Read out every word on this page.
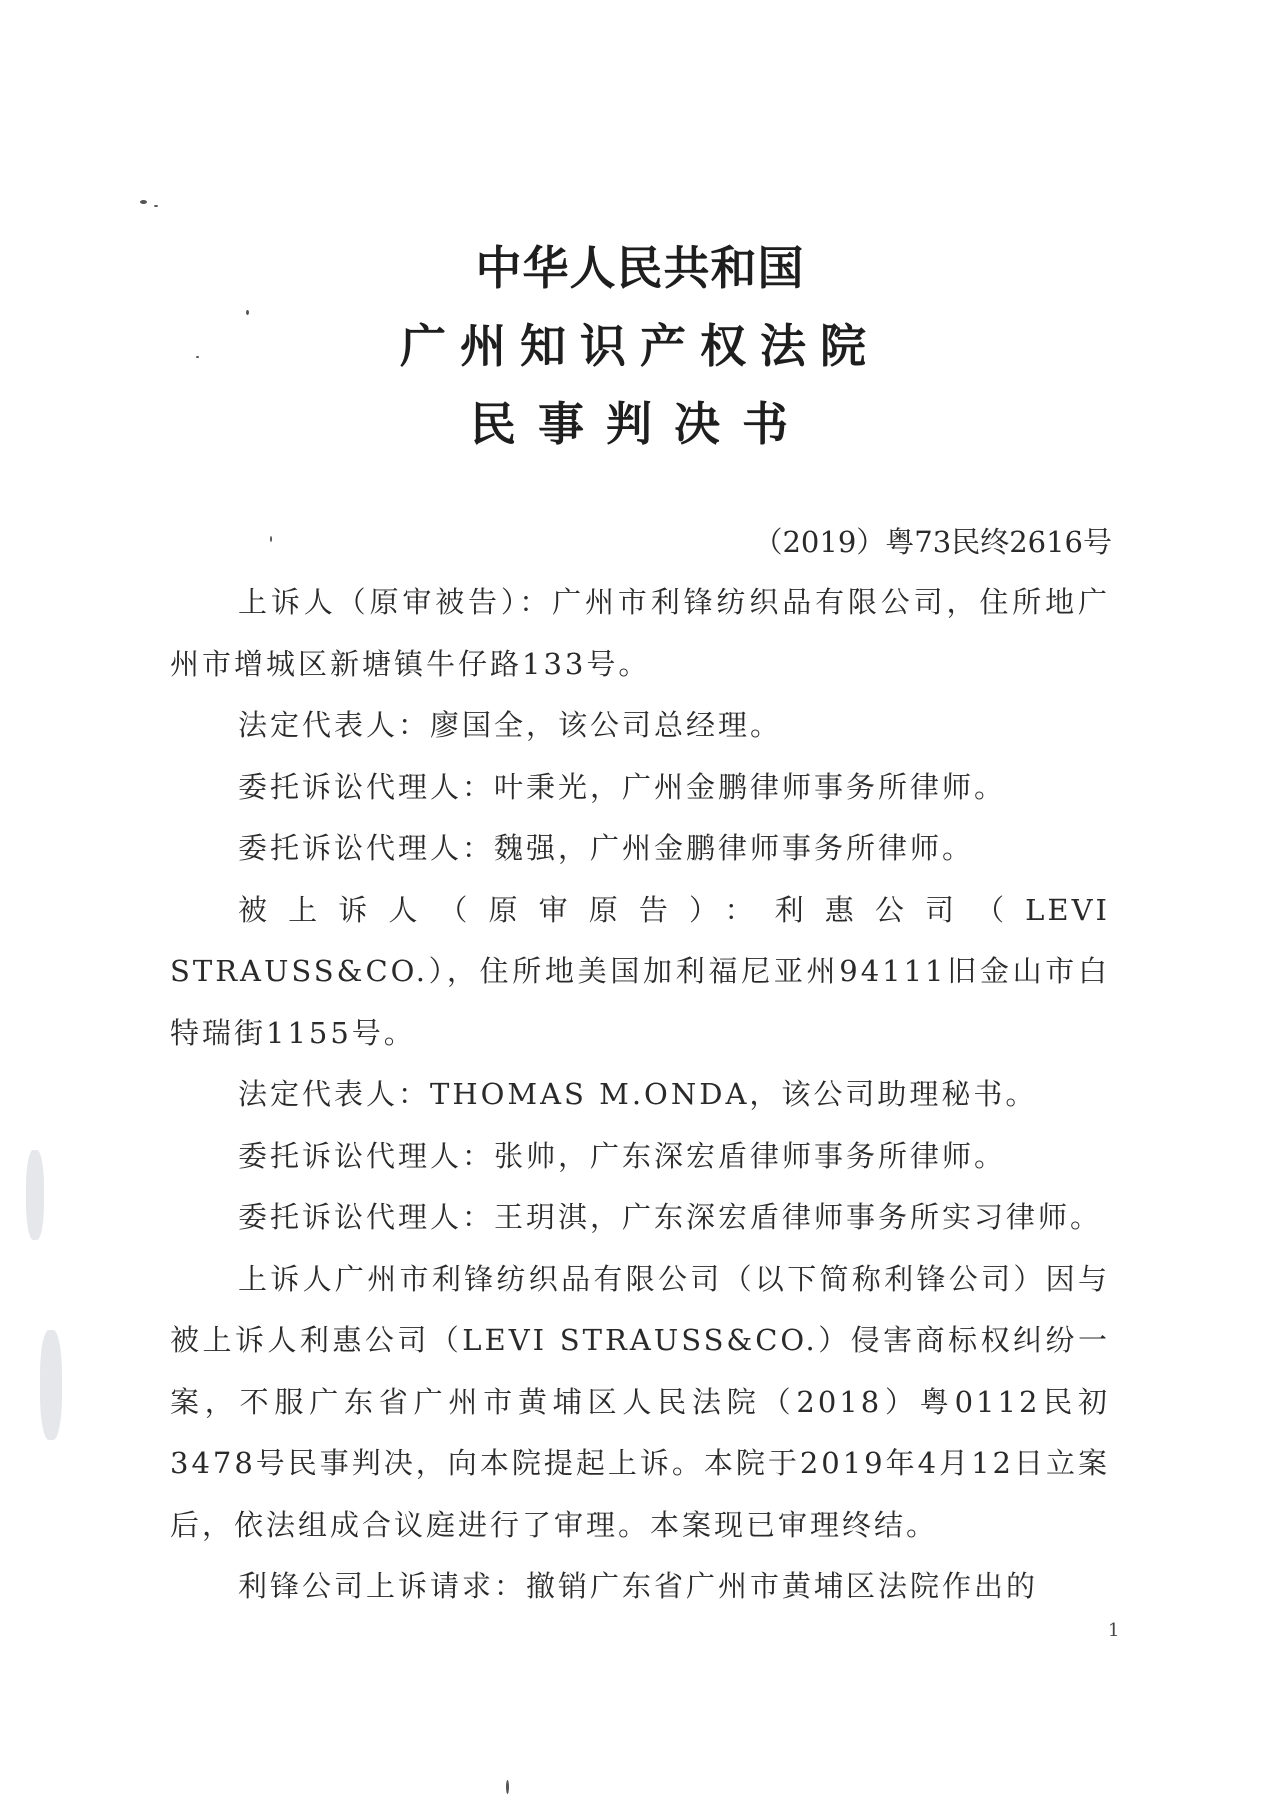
中华人民共和国
广州知识产权法院
民事判决书
（2019）粤73民终2616号

上诉人（原审被告）：广州市利锋纺织品有限公司，住所地广州市增城区新塘镇牛仔路133号。

法定代表人：廖国全，该公司总经理。

委托诉讼代理人：叶秉光，广州金鹏律师事务所律师。

委托诉讼代理人：魏强，广州金鹏律师事务所律师。

被上诉人（原审原告）：利惠公司（LEVI STRAUSS&CO.），住所地美国加利福尼亚州94111旧金山市白特瑞街1155号。

法定代表人：THOMAS M.ONDA，该公司助理秘书。

委托诉讼代理人：张帅，广东深宏盾律师事务所律师。

委托诉讼代理人：王玥淇，广东深宏盾律师事务所实习律师。

上诉人广州市利锋纺织品有限公司（以下简称利锋公司）因与被上诉人利惠公司（LEVI STRAUSS&CO.）侵害商标权纠纷一案，不服广东省广州市黄埔区人民法院（2018）粤0112民初3478号民事判决，向本院提起上诉。本院于2019年4月12日立案后，依法组成合议庭进行了审理。本案现已审理终结。

利锋公司上诉请求：撤销广东省广州市黄埔区法院作出的

1
